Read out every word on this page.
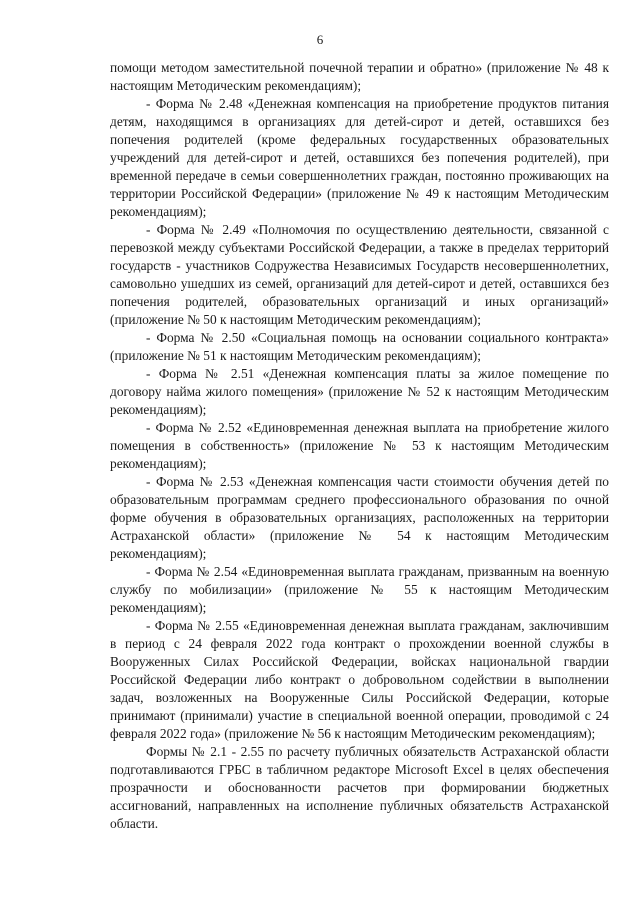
6

помощи методом заместительной почечной терапии и обратно» (приложение № 48 к настоящим Методическим рекомендациям);

- Форма № 2.48 «Денежная компенсация на приобретение продуктов питания детям, находящимся в организациях для детей-сирот и детей, оставшихся без попечения родителей (кроме федеральных государственных образовательных учреждений для детей-сирот и детей, оставшихся без попечения родителей), при временной передаче в семьи совершеннолетних граждан, постоянно проживающих на территории Российской Федерации» (приложение № 49 к настоящим Методическим рекомендациям);

- Форма № 2.49 «Полномочия по осуществлению деятельности, связанной с перевозкой между субъектами Российской Федерации, а также в пределах территорий государств - участников Содружества Независимых Государств несовершеннолетних, самовольно ушедших из семей, организаций для детей-сирот и детей, оставшихся без попечения родителей, образовательных организаций и иных организаций» (приложение № 50 к настоящим Методическим рекомендациям);

- Форма № 2.50 «Социальная помощь на основании социального контракта» (приложение № 51 к настоящим Методическим рекомендациям);

- Форма № 2.51 «Денежная компенсация платы за жилое помещение по договору найма жилого помещения» (приложение № 52 к настоящим Методическим рекомендациям);

- Форма № 2.52 «Единовременная денежная выплата на приобретение жилого помещения в собственность» (приложение № 53 к настоящим Методическим рекомендациям);

- Форма № 2.53 «Денежная компенсация части стоимости обучения детей по образовательным программам среднего профессионального образования по очной форме обучения в образовательных организациях, расположенных на территории Астраханской области» (приложение № 54 к настоящим Методическим рекомендациям);

- Форма № 2.54 «Единовременная выплата гражданам, призванным на военную службу по мобилизации» (приложение № 55 к настоящим Методическим рекомендациям);

- Форма № 2.55 «Единовременная денежная выплата гражданам, заключившим в период с 24 февраля 2022 года контракт о прохождении военной службы в Вооруженных Силах Российской Федерации, войсках национальной гвардии Российской Федерации либо контракт о добровольном содействии в выполнении задач, возложенных на Вооруженные Силы Российской Федерации, которые принимают (принимали) участие в специальной военной операции, проводимой с 24 февраля 2022 года» (приложение № 56 к настоящим Методическим рекомендациям);

Формы № 2.1 - 2.55 по расчету публичных обязательств Астраханской области подготавливаются ГРБС в табличном редакторе Microsoft Excel в целях обеспечения прозрачности и обоснованности расчетов при формировании бюджетных ассигнований, направленных на исполнение публичных обязательств Астраханской области.
